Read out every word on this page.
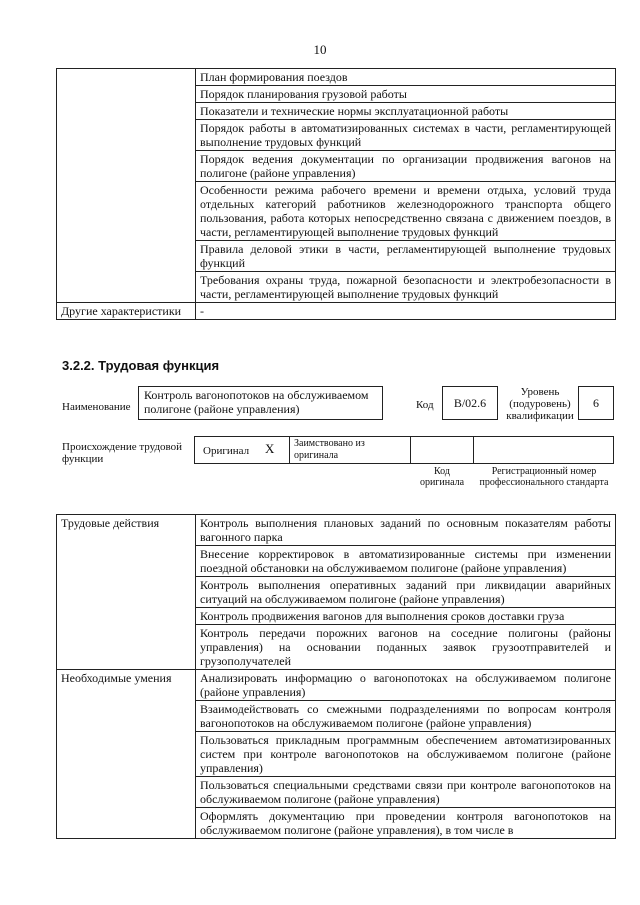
10
	План формирования поездов
	Порядок планирования грузовой работы
	Показатели и технические нормы эксплуатационной работы
	Порядок работы в автоматизированных системах в части, регламентирующей выполнение трудовых функций
	Порядок ведения документации по организации продвижения вагонов на полигоне (районе управления)
	Особенности режима рабочего времени и времени отдыха, условий труда отдельных категорий работников железнодорожного транспорта общего пользования, работа которых непосредственно связана с движением поездов, в части, регламентирующей выполнение трудовых функций
	Правила деловой этики в части, регламентирующей выполнение трудовых функций
	Требования охраны труда, пожарной безопасности и электробезопасности в части, регламентирующей выполнение трудовых функций
Другие характеристики	-
3.2.2. Трудовая функция
Наименование
Контроль вагонопотоков на обслуживаемом полигоне (районе управления)	Код	B/02.6
Уровень (подуровень) квалификации
6
Происхождение трудовой функции
Оригинал X	Заимствовано из оригинала
Код оригинала
Регистрационный номер профессионального стандарта
Трудовые действия	Контроль выполнения плановых заданий по основным показателям работы вагонного парка
	Внесение корректировок в автоматизированные системы при изменении поездной обстановки на обслуживаемом полигоне (районе управления)
	Контроль выполнения оперативных заданий при ликвидации аварийных ситуаций на обслуживаемом полигоне (районе управления)
	Контроль продвижения вагонов для выполнения сроков доставки груза
	Контроль передачи порожних вагонов на соседние полигоны (районы управления) на основании поданных заявок грузоотправителей и грузополучателей
Необходимые умения	Анализировать информацию о вагонопотоках на обслуживаемом полигоне (районе управления)
	Взаимодействовать со смежными подразделениями по вопросам контроля вагонопотоков на обслуживаемом полигоне (районе управления)
	Пользоваться прикладным программным обеспечением автоматизированных систем при контроле вагонопотоков на обслуживаемом полигоне (районе управления)
	Пользоваться специальными средствами связи при контроле вагонопотоков на обслуживаемом полигоне (районе управления)
	Оформлять документацию при проведении контроля вагонопотоков на обслуживаемом полигоне (районе управления), в том числе в
